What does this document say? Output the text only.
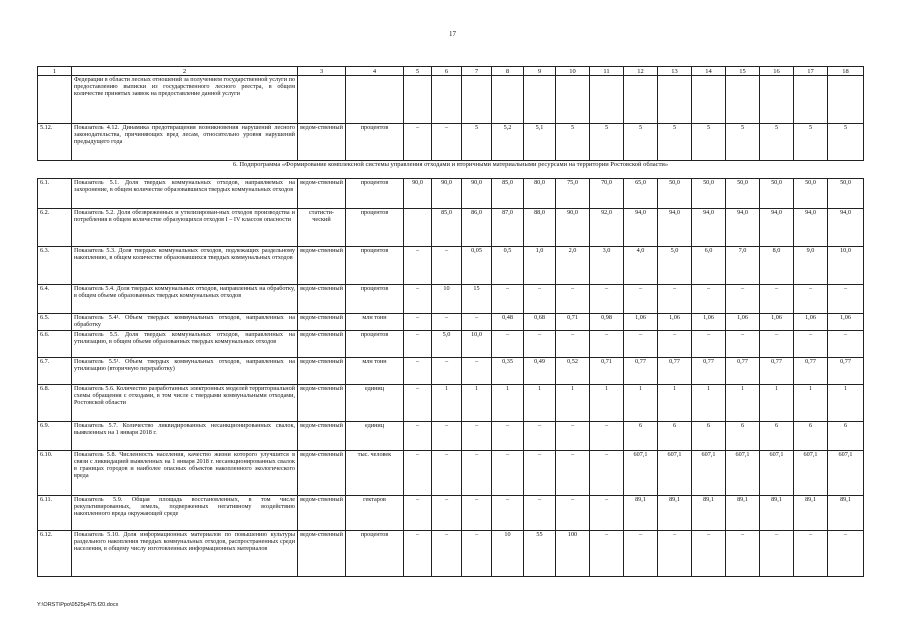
17
1	2	3	4	5	6	7	8	9	10	11	12	13	14	15	16	17	18
	Федерации в области лесных отношений за получением государственной услуги по предоставлению выписки из государственного лесного реестра, в общем количестве принятых заявок на предоставление данной услуги																
5.12.	Показатель 4.12. Динамика предотвращения возникновения нарушений лесного законодательства, причиняющих вред лесам, относительно уровня нарушений предыдущего года	ведом-ственный	процентов	–	–	5	5,2	5,1	5	5	5	5	5	5	5	5	5
6. Подпрограмма «Формирование комплексной системы управления отходами и вторичными материальными ресурсами на территории Ростовской области»																	
6.1.	Показатель 5.1. Доля твердых коммунальных отходов, направляемых на захоронение, в общем количестве образовавшихся твердых коммунальных отходов	ведом-ственный	процентов	90,0	90,0	90,0	85,0	80,0	75,0	70,0	65,0	50,0	50,0	50,0	50,0	50,0	50,0
6.2.	Показатель 5.2. Доля обезвреженных и утилизирован-ных отходов производства и потребления в общем количестве образующихся отходов I – IV классов опасности	статисти-ческий	процентов		85,0	86,0	87,0	88,0	90,0	92,0	94,0	94,0	94,0	94,0	94,0	94,0	94,0
6.3.	Показатель 5.3. Доля твердых коммунальных отходов, подлежащих раздельному накоплению, в общем количестве образовавшихся твердых коммунальных отходов	ведом-ственный	процентов	–	–	0,05	0,5	1,0	2,0	3,0	4,0	5,0	6,0	7,0	8,0	9,0	10,0
6.4.	Показатель 5.4. Доля твердых коммунальных отходов, направленных на обработку, в общем объеме образованных твердых коммунальных отходов	ведом-ственный	процентов	–	10	15	–	–	–	–	–	–	–	–	–	–	–
6.5.	Показатель 5.4¹. Объем твердых коммунальных отходов, направленных на обработку	ведом-ственный	млн тонн	–	–	–	0,48	0,68	0,71	0,98	1,06	1,06	1,06	1,06	1,06	1,06	1,06
6.6.	Показатель 5.5. Доля твердых коммунальных отходов, направленных на утилизацию, в общем объеме образованных твердых коммунальных отходов	ведом-ственный	процентов	–	5,0	10,0	–	–	–	–	–	–	–	–	–	–	–
6.7.	Показатель 5.5¹. Объем твердых коммунальных отходов, направленных на утилизацию (вторичную переработку)	ведом-ственный	млн тонн	–	–	–	0,35	0,49	0,52	0,71	0,77	0,77	0,77	0,77	0,77	0,77	0,77
6.8.	Показатель 5.6. Количество разработанных электронных моделей территориальной схемы обращения с отходами, в том числе с твердыми коммунальными отходами, Ростовской области	ведом-ственный	единиц	–	1	1	1	1	1	1	1	1	1	1	1	1	1
6.9.	Показатель 5.7. Количество ликвидированных несанкционированных свалок, выявленных на 1 января 2018 г.	ведом-ственный	единиц	–	–	–	–	–	–	–	6	6	6	6	6	6	6
6.10.	Показатель 5.8. Численность населения, качество жизни которого улучшится в связи с ликвидацией выявленных на 1 января 2018 г. несанкционированных свалок в границах городов и наиболее опасных объектов накопленного экологического вреда	ведом-ственный	тыс. человек	–	–	–	–	–	–	–	607,1	607,1	607,1	607,1	607,1	607,1	607,1
6.11.	Показатель 5.9. Общая площадь восстановленных, в том числе рекультивированных, земель, подверженных негативному воздействию накопленного вреда окружающей среде	ведом-ственный	гектаров	–	–	–	–	–	–	–	89,1	89,1	89,1	89,1	89,1	89,1	89,1
6.12.	Показатель 5.10. Доля информационных материалов по повышению культуры раздельного накопления твердых коммунальных отходов, распространенных среди населения, в общему числу изготовленных информационных материалов	ведом-ственный	процентов	–	–	–	10	55	100	–	–	–	–	–	–	–	–
Y:\ORST\Ppo\0525p475.f20.docx
